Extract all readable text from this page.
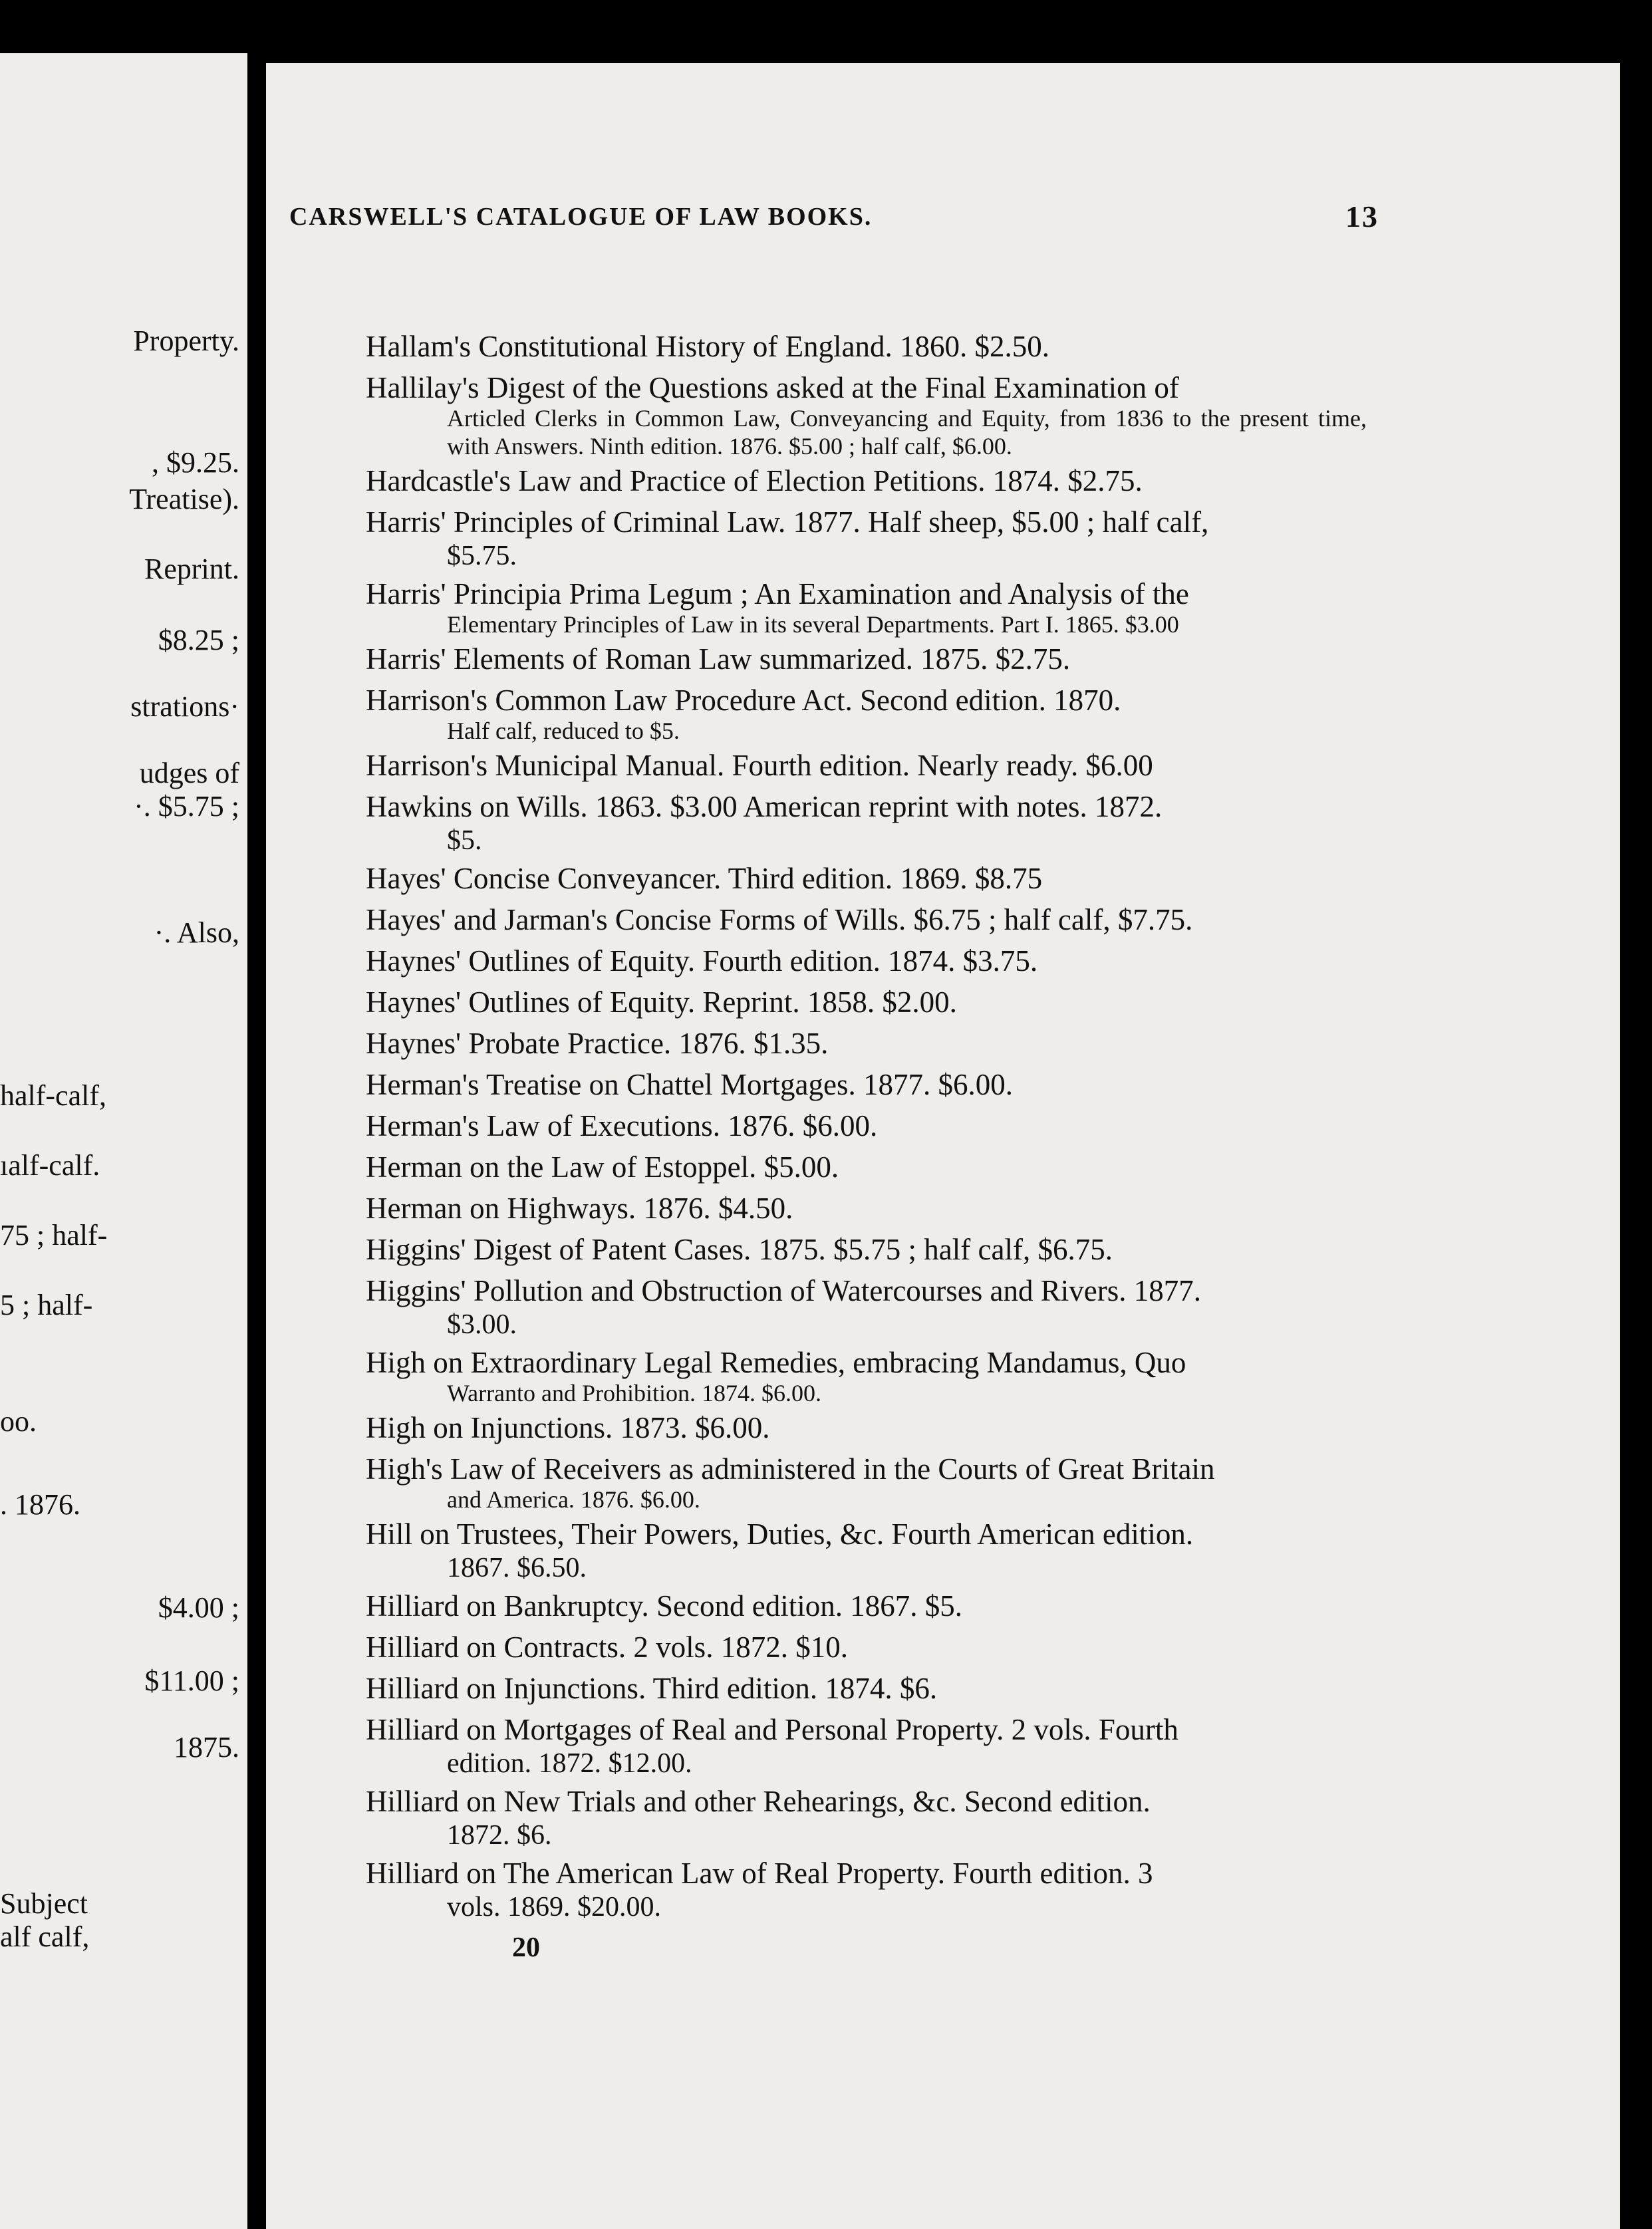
Property.
, $9.25.
Treatise).
Reprint.
$8.25 ;
strations·
udges of
·. $5.75 ;
·. Also,
half-calf,
ıalf-calf.
75 ; half-
5 ; half-
oo.
. 1876.
$4.00 ;
$11.00 ;
1875.
Subject
alf calf,
CARSWELL'S CATALOGUE OF LAW BOOKS.	13
Hallam's Constitutional History of England. 1860. $2.50.
Hallilay's Digest of the Questions asked at the Final Examination of
Articled Clerks in Common Law, Conveyancing and Equity, from 1836 to the present time, with Answers. Ninth edition. 1876. $5.00 ; half calf, $6.00.
Hardcastle's Law and Practice of Election Petitions. 1874. $2.75.
Harris' Principles of Criminal Law. 1877. Half sheep, $5.00 ; half calf,
$5.75.
Harris' Principia Prima Legum ; An Examination and Analysis of the
Elementary Principles of Law in its several Departments. Part I. 1865. $3.00
Harris' Elements of Roman Law summarized. 1875. $2.75.
Harrison's Common Law Procedure Act. Second edition. 1870.
Half calf, reduced to $5.
Harrison's Municipal Manual. Fourth edition. Nearly ready. $6.00
Hawkins on Wills. 1863. $3.00 American reprint with notes. 1872.
$5.
Hayes' Concise Conveyancer. Third edition. 1869. $8.75
Hayes' and Jarman's Concise Forms of Wills. $6.75 ; half calf, $7.75.
Haynes' Outlines of Equity. Fourth edition. 1874. $3.75.
Haynes' Outlines of Equity. Reprint. 1858. $2.00.
Haynes' Probate Practice. 1876. $1.35.
Herman's Treatise on Chattel Mortgages. 1877. $6.00.
Herman's Law of Executions. 1876. $6.00.
Herman on the Law of Estoppel. $5.00.
Herman on Highways. 1876. $4.50.
Higgins' Digest of Patent Cases. 1875. $5.75 ; half calf, $6.75.
Higgins' Pollution and Obstruction of Watercourses and Rivers. 1877.
$3.00.
High on Extraordinary Legal Remedies, embracing Mandamus, Quo
Warranto and Prohibition. 1874. $6.00.
High on Injunctions. 1873. $6.00.
High's Law of Receivers as administered in the Courts of Great Britain
and America. 1876. $6.00.
Hill on Trustees, Their Powers, Duties, &c. Fourth American edition.
1867. $6.50.
Hilliard on Bankruptcy. Second edition. 1867. $5.
Hilliard on Contracts. 2 vols. 1872. $10.
Hilliard on Injunctions. Third edition. 1874. $6.
Hilliard on Mortgages of Real and Personal Property. 2 vols. Fourth
edition. 1872. $12.00.
Hilliard on New Trials and other Rehearings, &c. Second edition.
1872. $6.
Hilliard on The American Law of Real Property. Fourth edition. 3
vols. 1869. $20.00.
20
